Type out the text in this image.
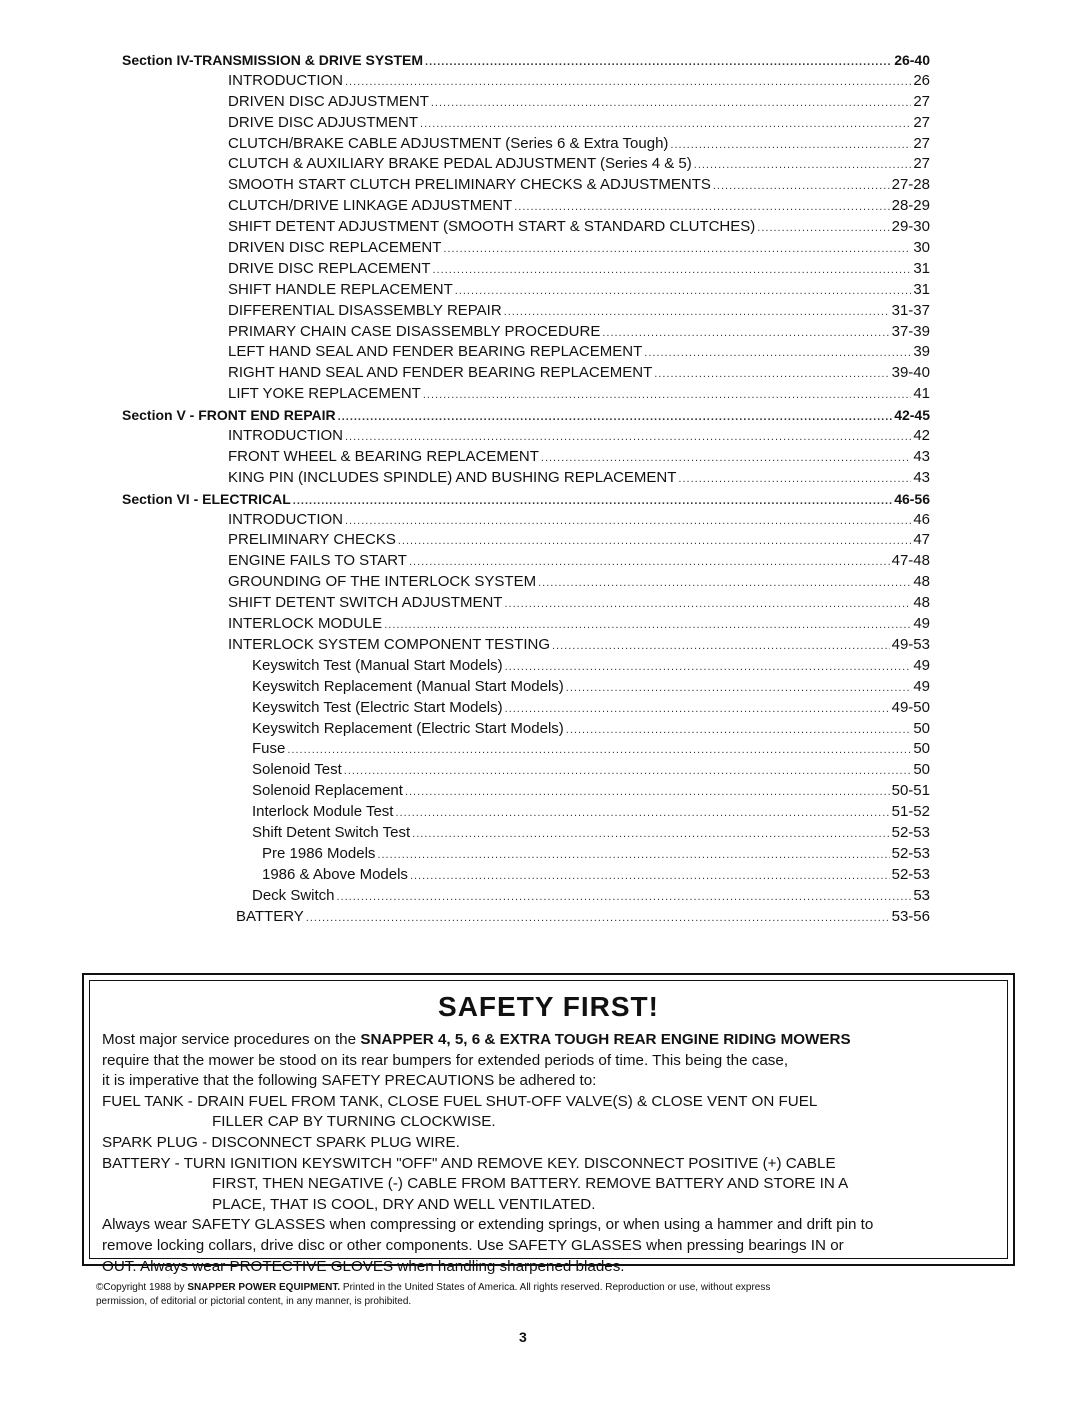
Section IV-TRANSMISSION & DRIVE SYSTEM .....	26-40
INTRODUCTION .....	26
DRIVEN DISC ADJUSTMENT .....	27
DRIVE DISC ADJUSTMENT .....	27
CLUTCH/BRAKE CABLE ADJUSTMENT (Series 6 & Extra Tough) .....	27
CLUTCH & AUXILIARY BRAKE PEDAL ADJUSTMENT (Series 4 & 5) .....	27
SMOOTH START CLUTCH PRELIMINARY CHECKS & ADJUSTMENTS .....	27-28
CLUTCH/DRIVE LINKAGE ADJUSTMENT .....	28-29
SHIFT DETENT ADJUSTMENT (SMOOTH START & STANDARD CLUTCHES) .....	29-30
DRIVEN DISC REPLACEMENT .....	30
DRIVE DISC REPLACEMENT .....	31
SHIFT HANDLE REPLACEMENT .....	31
DIFFERENTIAL DISASSEMBLY REPAIR .....	31-37
PRIMARY CHAIN CASE DISASSEMBLY PROCEDURE .....	37-39
LEFT HAND SEAL AND FENDER BEARING REPLACEMENT .....	39
RIGHT HAND SEAL AND FENDER BEARING REPLACEMENT .....	39-40
LIFT YOKE REPLACEMENT .....	41
Section V - FRONT END REPAIR .....	42-45
INTRODUCTION .....	42
FRONT WHEEL & BEARING REPLACEMENT .....	43
KING PIN (INCLUDES SPINDLE) AND BUSHING REPLACEMENT .....	43
Section VI - ELECTRICAL .....	46-56
INTRODUCTION .....	46
PRELIMINARY CHECKS .....	47
ENGINE FAILS TO START .....	47-48
GROUNDING OF THE INTERLOCK SYSTEM .....	48
SHIFT DETENT SWITCH ADJUSTMENT .....	48
INTERLOCK MODULE .....	49
INTERLOCK SYSTEM COMPONENT TESTING .....	49-53
Keyswitch Test (Manual Start Models) .....	49
Keyswitch Replacement (Manual Start Models) .....	49
Keyswitch Test (Electric Start Models) .....	49-50
Keyswitch Replacement (Electric Start Models) .....	50
Fuse .....	50
Solenoid Test .....	50
Solenoid Replacement .....	50-51
Interlock Module Test .....	51-52
Shift Detent Switch Test .....	52-53
Pre 1986 Models .....	52-53
1986 & Above Models .....	52-53
Deck Switch .....	53
BATTERY .....	53-56
SAFETY FIRST!

Most major service procedures on the SNAPPER 4, 5, 6 & EXTRA TOUGH REAR ENGINE RIDING MOWERS

require that the mower be stood on its rear bumpers for extended periods of time. This being the case,

it is imperative that the following SAFETY PRECAUTIONS be adhered to:

FUEL TANK - DRAIN FUEL FROM TANK, CLOSE FUEL SHUT-OFF VALVE(S) & CLOSE VENT ON FUEL

FILLER CAP BY TURNING CLOCKWISE.

SPARK PLUG - DISCONNECT SPARK PLUG WIRE.

BATTERY - TURN IGNITION KEYSWITCH "OFF" AND REMOVE KEY. DISCONNECT POSITIVE (+) CABLE

FIRST, THEN NEGATIVE (-) CABLE FROM BATTERY. REMOVE BATTERY AND STORE IN A

PLACE, THAT IS COOL, DRY AND WELL VENTILATED.

Always wear SAFETY GLASSES when compressing or extending springs, or when using a hammer and drift pin to

remove locking collars, drive disc or other components. Use SAFETY GLASSES when pressing bearings IN or

OUT. Always wear PROTECTIVE GLOVES when handling sharpened blades.

©Copyright 1988 by SNAPPER POWER EQUIPMENT. Printed in the United States of America. All rights reserved. Reproduction or use, without express
permission, of editorial or pictorial content, in any manner, is prohibited.
3
